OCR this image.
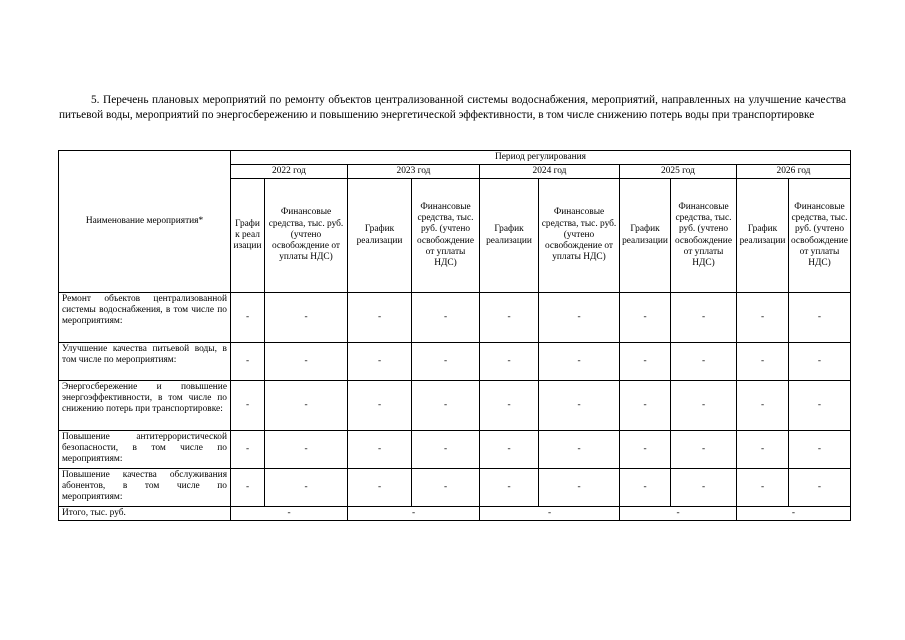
5. Перечень плановых мероприятий по ремонту объектов централизованной системы водоснабжения, мероприятий, направленных на улучшение качества питьевой воды, мероприятий по энергосбережению и повышению энергетической эффективности, в том числе снижению потерь воды при транспортировке

Наименование мероприятия*	Период регулирования									
	2022 год		2023 год		2024 год		2025 год		2026 год	
	График реализации	Финансовые средства, тыс. руб. (учтено освобождение от уплаты НДС)	График реализации	Финансовые средства, тыс. руб. (учтено освобождение от уплаты НДС)	График реализации	Финансовые средства, тыс. руб. (учтено освобождение от уплаты НДС)	График реализации	Финансовые средства, тыс. руб. (учтено освобождение от уплаты НДС)	График реализации	Финансовые средства, тыс. руб. (учтено освобождение от уплаты НДС)
Ремонт объектов централизованной системы водоснабжения, в том числе по мероприятиям:	-	-	-	-	-	-	-	-	-	-
Улучшение качества питьевой воды, в том числе по мероприятиям:	-	-	-	-	-	-	-	-	-	-
Энергосбережение и повышение энергоэффективности, в том числе по снижению потерь при транспортировке:	-	-	-	-	-	-	-	-	-	-
Повышение антитеррористической безопасности, в том числе по мероприятиям:	-	-	-	-	-	-	-	-	-	-
Повышение качества обслуживания абонентов, в том числе по мероприятиям:	-	-	-	-	-	-	-	-	-	-
Итого, тыс. руб.	-		-		-		-		-	
